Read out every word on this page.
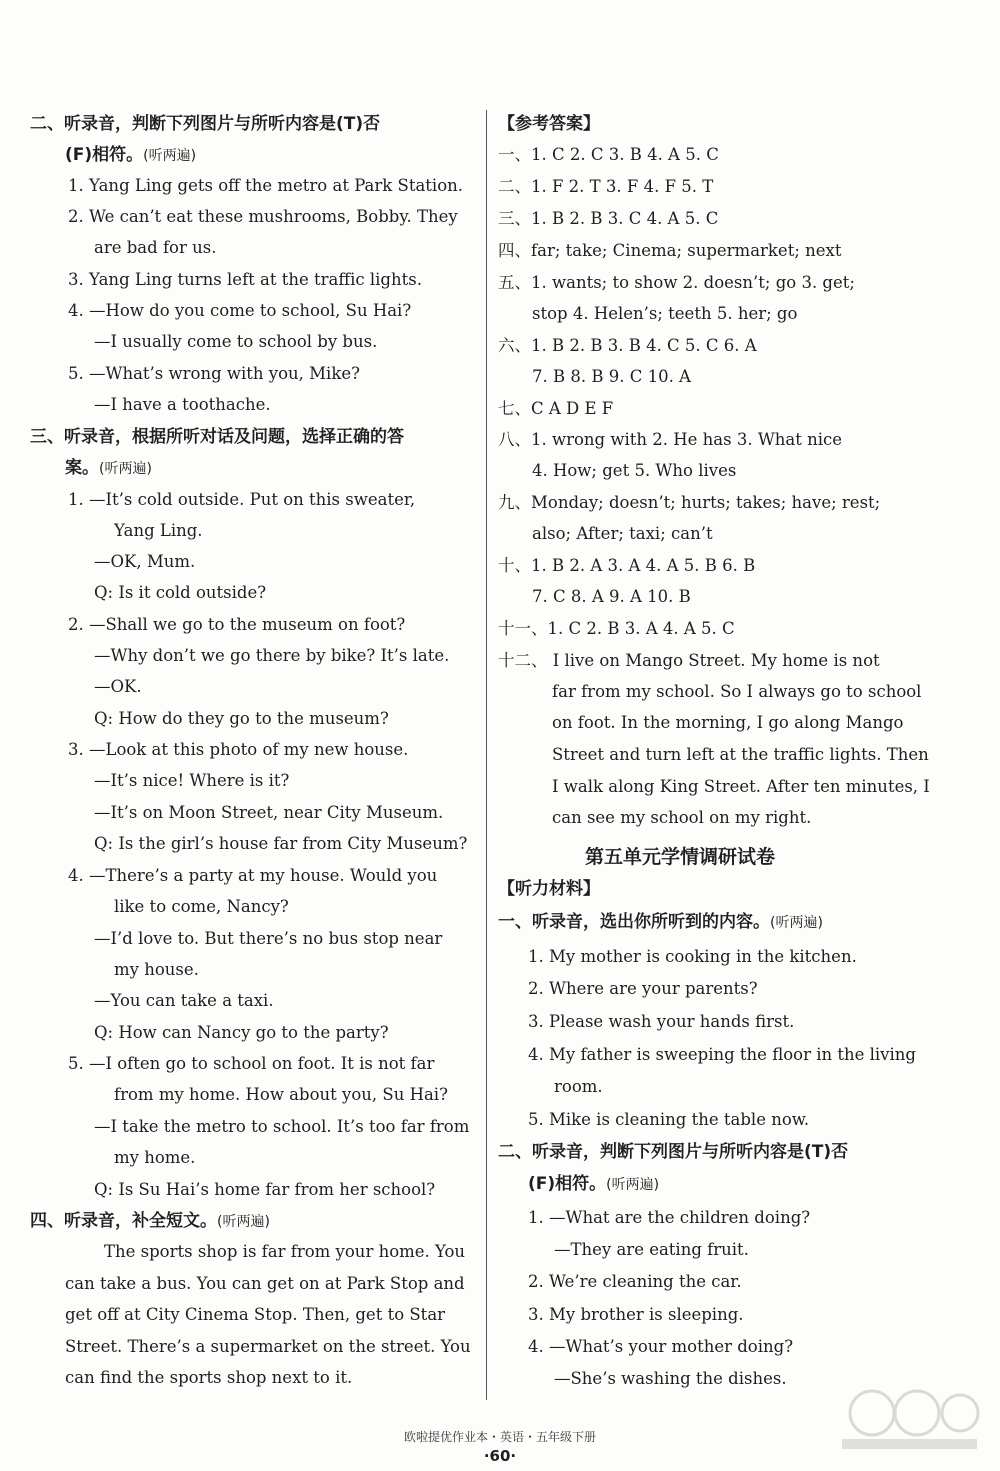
二、听录音，判断下列图片与所听内容是(T)否
(F)相符。(听两遍)
1. Yang Ling gets off the metro at Park Station.
2. We can’t eat these mushrooms, Bobby. They
are bad for us.
3. Yang Ling turns left at the traffic lights.
4. —How do you come to school, Su Hai?
—I usually come to school by bus.
5. —What’s wrong with you, Mike?
—I have a toothache.
三、听录音，根据所听对话及问题，选择正确的答
案。(听两遍)
1. —It’s cold outside. Put on this sweater,
Yang Ling.
—OK, Mum.
Q: Is it cold outside?
2. —Shall we go to the museum on foot?
—Why don’t we go there by bike? It’s late.
—OK.
Q: How do they go to the museum?
3. —Look at this photo of my new house.
—It’s nice! Where is it?
—It’s on Moon Street, near City Museum.
Q: Is the girl’s house far from City Museum?
4. —There’s a party at my house. Would you
like to come, Nancy?
—I’d love to. But there’s no bus stop near
my house.
—You can take a taxi.
Q: How can Nancy go to the party?
5. —I often go to school on foot. It is not far
from my home. How about you, Su Hai?
—I take the metro to school. It’s too far from
my home.
Q: Is Su Hai’s home far from her school?
四、听录音，补全短文。(听两遍)
The sports shop is far from your home. You
can take a bus. You can get on at Park Stop and
get off at City Cinema Stop. Then, get to Star
Street. There’s a supermarket on the street. You
can find the sports shop next to it.
第五单元学情调研试卷
【参考答案】
一、1. C 2. C 3. B 4. A 5. C
二、1. F 2. T 3. F 4. F 5. T
三、1. B 2. B 3. C 4. A 5. C
四、far; take; Cinema; supermarket; next
五、1. wants; to show 2. doesn’t; go 3. get;
stop 4. Helen’s; teeth 5. her; go
六、1. B 2. B 3. B 4. C 5. C 6. A
7. B 8. B 9. C 10. A
七、C A D E F
八、1. wrong with 2. He has 3. What nice
4. How; get 5. Who lives
九、Monday; doesn’t; hurts; takes; have; rest;
also; After; taxi; can’t
十、1. B 2. A 3. A 4. A 5. B 6. B
7. C 8. A 9. A 10. B
十一、1. C 2. B 3. A 4. A 5. C
十二、 I live on Mango Street. My home is not
far from my school. So I always go to school
on foot. In the morning, I go along Mango
Street and turn left at the traffic lights. Then
I walk along King Street. After ten minutes, I
can see my school on my right.
【听力材料】
一、听录音，选出你所听到的内容。(听两遍)
1. My mother is cooking in the kitchen.
2. Where are your parents?
3. Please wash your hands first.
4. My father is sweeping the floor in the living
room.
5. Mike is cleaning the table now.
二、听录音，判断下列图片与所听内容是(T)否
(F)相符。(听两遍)
1. —What are the children doing?
—They are eating fruit.
2. We’re cleaning the car.
3. My brother is sleeping.
4. —What’s your mother doing?
—She’s washing the dishes.
欧啦提优作业本・英语・五年级下册
·60·
